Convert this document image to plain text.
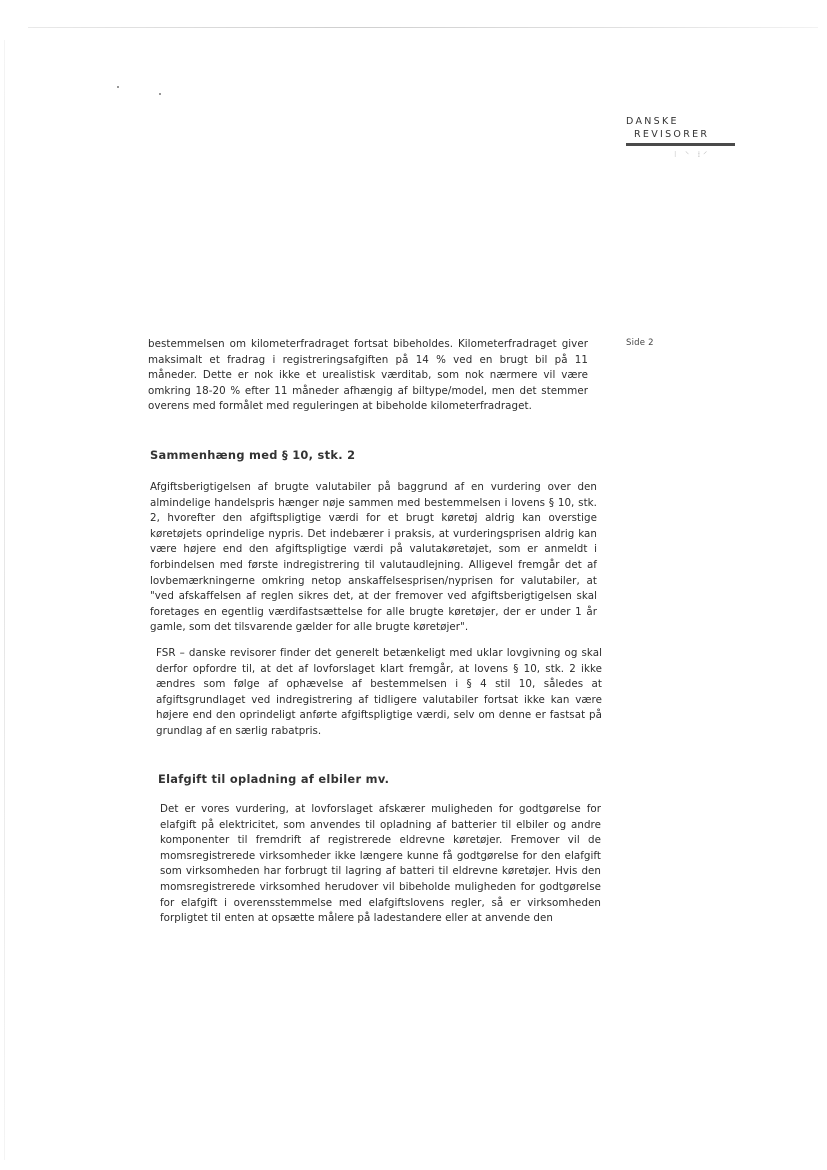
DANSKE
REVISORER
⁝ ⸌ ⁞⸍
Side 2

bestemmelsen om kilometerfradraget fortsat bibeholdes. Kilometerfradraget giver maksimalt et fradrag i registreringsafgiften på 14 % ved en brugt bil på 11 måneder. Dette er nok ikke et urealistisk værditab, som nok nærmere vil være omkring 18-20 % efter 11 måneder afhængig af biltype/model, men det stemmer overens med formålet med reguleringen at bibeholde kilometerfradraget.

Sammenhæng med § 10, stk. 2

Afgiftsberigtigelsen af brugte valutabiler på baggrund af en vurdering over den almindelige handelspris hænger nøje sammen med bestemmelsen i lovens § 10, stk. 2, hvorefter den afgiftspligtige værdi for et brugt køretøj aldrig kan overstige køretøjets oprindelige nypris. Det indebærer i praksis, at vurderingsprisen aldrig kan være højere end den afgiftspligtige værdi på valutakøretøjet, som er anmeldt i forbindelsen med første indregistrering til valutaudlejning. Alligevel fremgår det af lovbemærkningerne omkring netop anskaffelsesprisen/nyprisen for valutabiler, at "ved afskaffelsen af reglen sikres det, at der fremover ved afgiftsberigtigelsen skal foretages en egentlig værdifastsættelse for alle brugte køretøjer, der er under 1 år gamle, som det tilsvarende gælder for alle brugte køretøjer".

FSR – danske revisorer finder det generelt betænkeligt med uklar lovgivning og skal derfor opfordre til, at det af lovforslaget klart fremgår, at lovens § 10, stk. 2 ikke ændres som følge af ophævelse af bestemmelsen i § 4 stil 10, således at afgiftsgrundlaget ved indregistrering af tidligere valutabiler fortsat ikke kan være højere end den oprindeligt anførte afgiftspligtige værdi, selv om denne er fastsat på grundlag af en særlig rabatpris.

Elafgift til opladning af elbiler mv.

Det er vores vurdering, at lovforslaget afskærer muligheden for godtgørelse for elafgift på elektricitet, som anvendes til opladning af batterier til elbiler og andre komponenter til fremdrift af registrerede eldrevne køretøjer. Fremover vil de momsregistrerede virksomheder ikke længere kunne få godtgørelse for den elafgift som virksomheden har forbrugt til lagring af batteri til eldrevne køretøjer. Hvis den momsregistrerede virksomhed herudover vil bibeholde muligheden for godtgørelse for elafgift i overensstemmelse med elafgiftslovens regler, så er virksomheden forpligtet til enten at opsætte målere på ladestandere eller at anvende den
